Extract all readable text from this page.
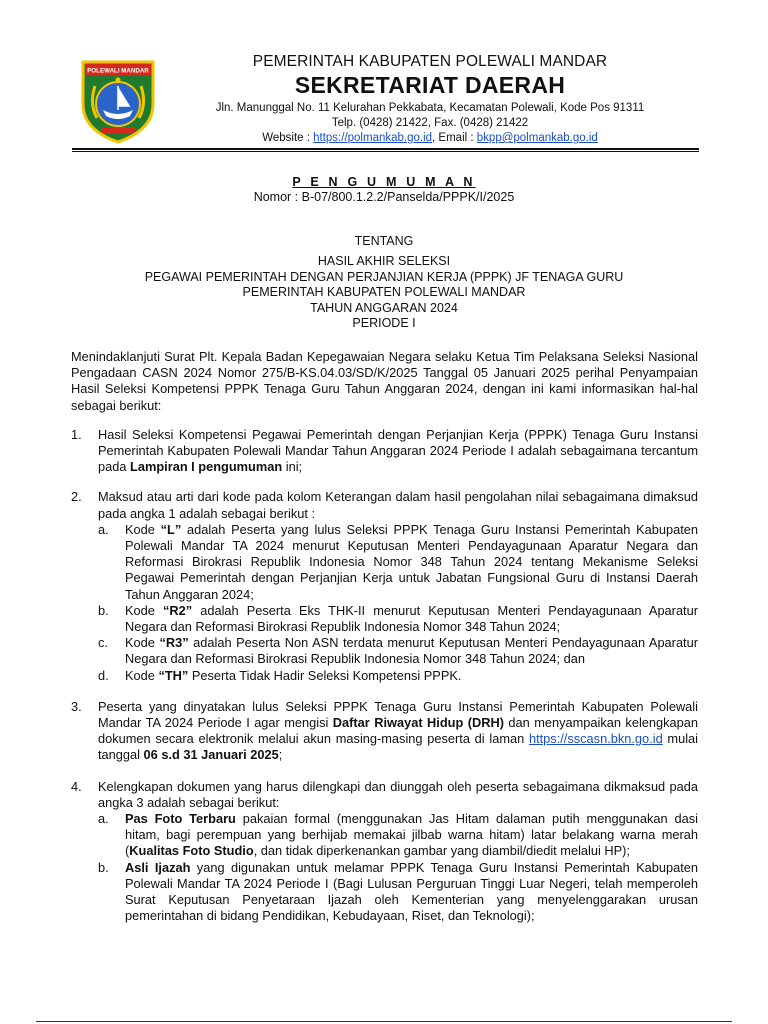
POLEWALI MANDAR
PEMERINTAH KABUPATEN POLEWALI MANDAR
SEKRETARIAT DAERAH
Jln. Manunggal No. 11 Kelurahan Pekkabata, Kecamatan Polewali, Kode Pos 91311
Telp. (0428) 21422, Fax. (0428) 21422
Website : https://polmankab.go.id, Email : bkpp@polmankab.go.id
P E N G U M U M A N
Nomor : B-07/800.1.2.2/Panselda/PPPK/I/2025
TENTANG
HASIL AKHIR SELEKSI
PEGAWAI PEMERINTAH DENGAN PERJANJIAN KERJA (PPPK) JF TENAGA GURU
PEMERINTAH KABUPATEN POLEWALI MANDAR
TAHUN ANGGARAN 2024
PERIODE I

Menindaklanjuti Surat Plt. Kepala Badan Kepegawaian Negara selaku Ketua Tim Pelaksana Seleksi Nasional Pengadaan CASN 2024 Nomor 275/B-KS.04.03/SD/K/2025 Tanggal 05 Januari 2025 perihal Penyampaian Hasil Seleksi Kompetensi PPPK Tenaga Guru Tahun Anggaran 2024, dengan ini kami informasikan hal-hal sebagai berikut:

1. Hasil Seleksi Kompetensi Pegawai Pemerintah dengan Perjanjian Kerja (PPPK) Tenaga Guru Instansi Pemerintah Kabupaten Polewali Mandar Tahun Anggaran 2024 Periode I adalah sebagaimana tercantum pada Lampiran I pengumuman ini;
2. Maksud atau arti dari kode pada kolom Keterangan dalam hasil pengolahan nilai sebagaimana dimaksud pada angka 1 adalah sebagai berikut :
a. Kode “L” adalah Peserta yang lulus Seleksi PPPK Tenaga Guru Instansi Pemerintah Kabupaten Polewali Mandar TA 2024 menurut Keputusan Menteri Pendayagunaan Aparatur Negara dan Reformasi Birokrasi Republik Indonesia Nomor 348 Tahun 2024 tentang Mekanisme Seleksi Pegawai Pemerintah dengan Perjanjian Kerja untuk Jabatan Fungsional Guru di Instansi Daerah Tahun Anggaran 2024;
b. Kode “R2” adalah Peserta Eks THK-II menurut Keputusan Menteri Pendayagunaan Aparatur Negara dan Reformasi Birokrasi Republik Indonesia Nomor 348 Tahun 2024;
c. Kode “R3” adalah Peserta Non ASN terdata menurut Keputusan Menteri Pendayagunaan Aparatur Negara dan Reformasi Birokrasi Republik Indonesia Nomor 348 Tahun 2024; dan
d. Kode “TH” Peserta Tidak Hadir Seleksi Kompetensi PPPK.
3. Peserta yang dinyatakan lulus Seleksi PPPK Tenaga Guru Instansi Pemerintah Kabupaten Polewali Mandar TA 2024 Periode I agar mengisi Daftar Riwayat Hidup (DRH) dan menyampaikan kelengkapan dokumen secara elektronik melalui akun masing-masing peserta di laman https://sscasn.bkn.go.id mulai tanggal 06 s.d 31 Januari 2025;
4. Kelengkapan dokumen yang harus dilengkapi dan diunggah oleh peserta sebagaimana dikmaksud pada angka 3 adalah sebagai berikut:
a. Pas Foto Terbaru pakaian formal (menggunakan Jas Hitam dalaman putih menggunakan dasi hitam, bagi perempuan yang berhijab memakai jilbab warna hitam) latar belakang warna merah (Kualitas Foto Studio, dan tidak diperkenankan gambar yang diambil/diedit melalui HP);
b. Asli Ijazah yang digunakan untuk melamar PPPK Tenaga Guru Instansi Pemerintah Kabupaten Polewali Mandar TA 2024 Periode I (Bagi Lulusan Perguruan Tinggi Luar Negeri, telah memperoleh Surat Keputusan Penyetaraan Ijazah oleh Kementerian yang menyelenggarakan urusan pemerintahan di bidang Pendidikan, Kebudayaan, Riset, dan Teknologi);
